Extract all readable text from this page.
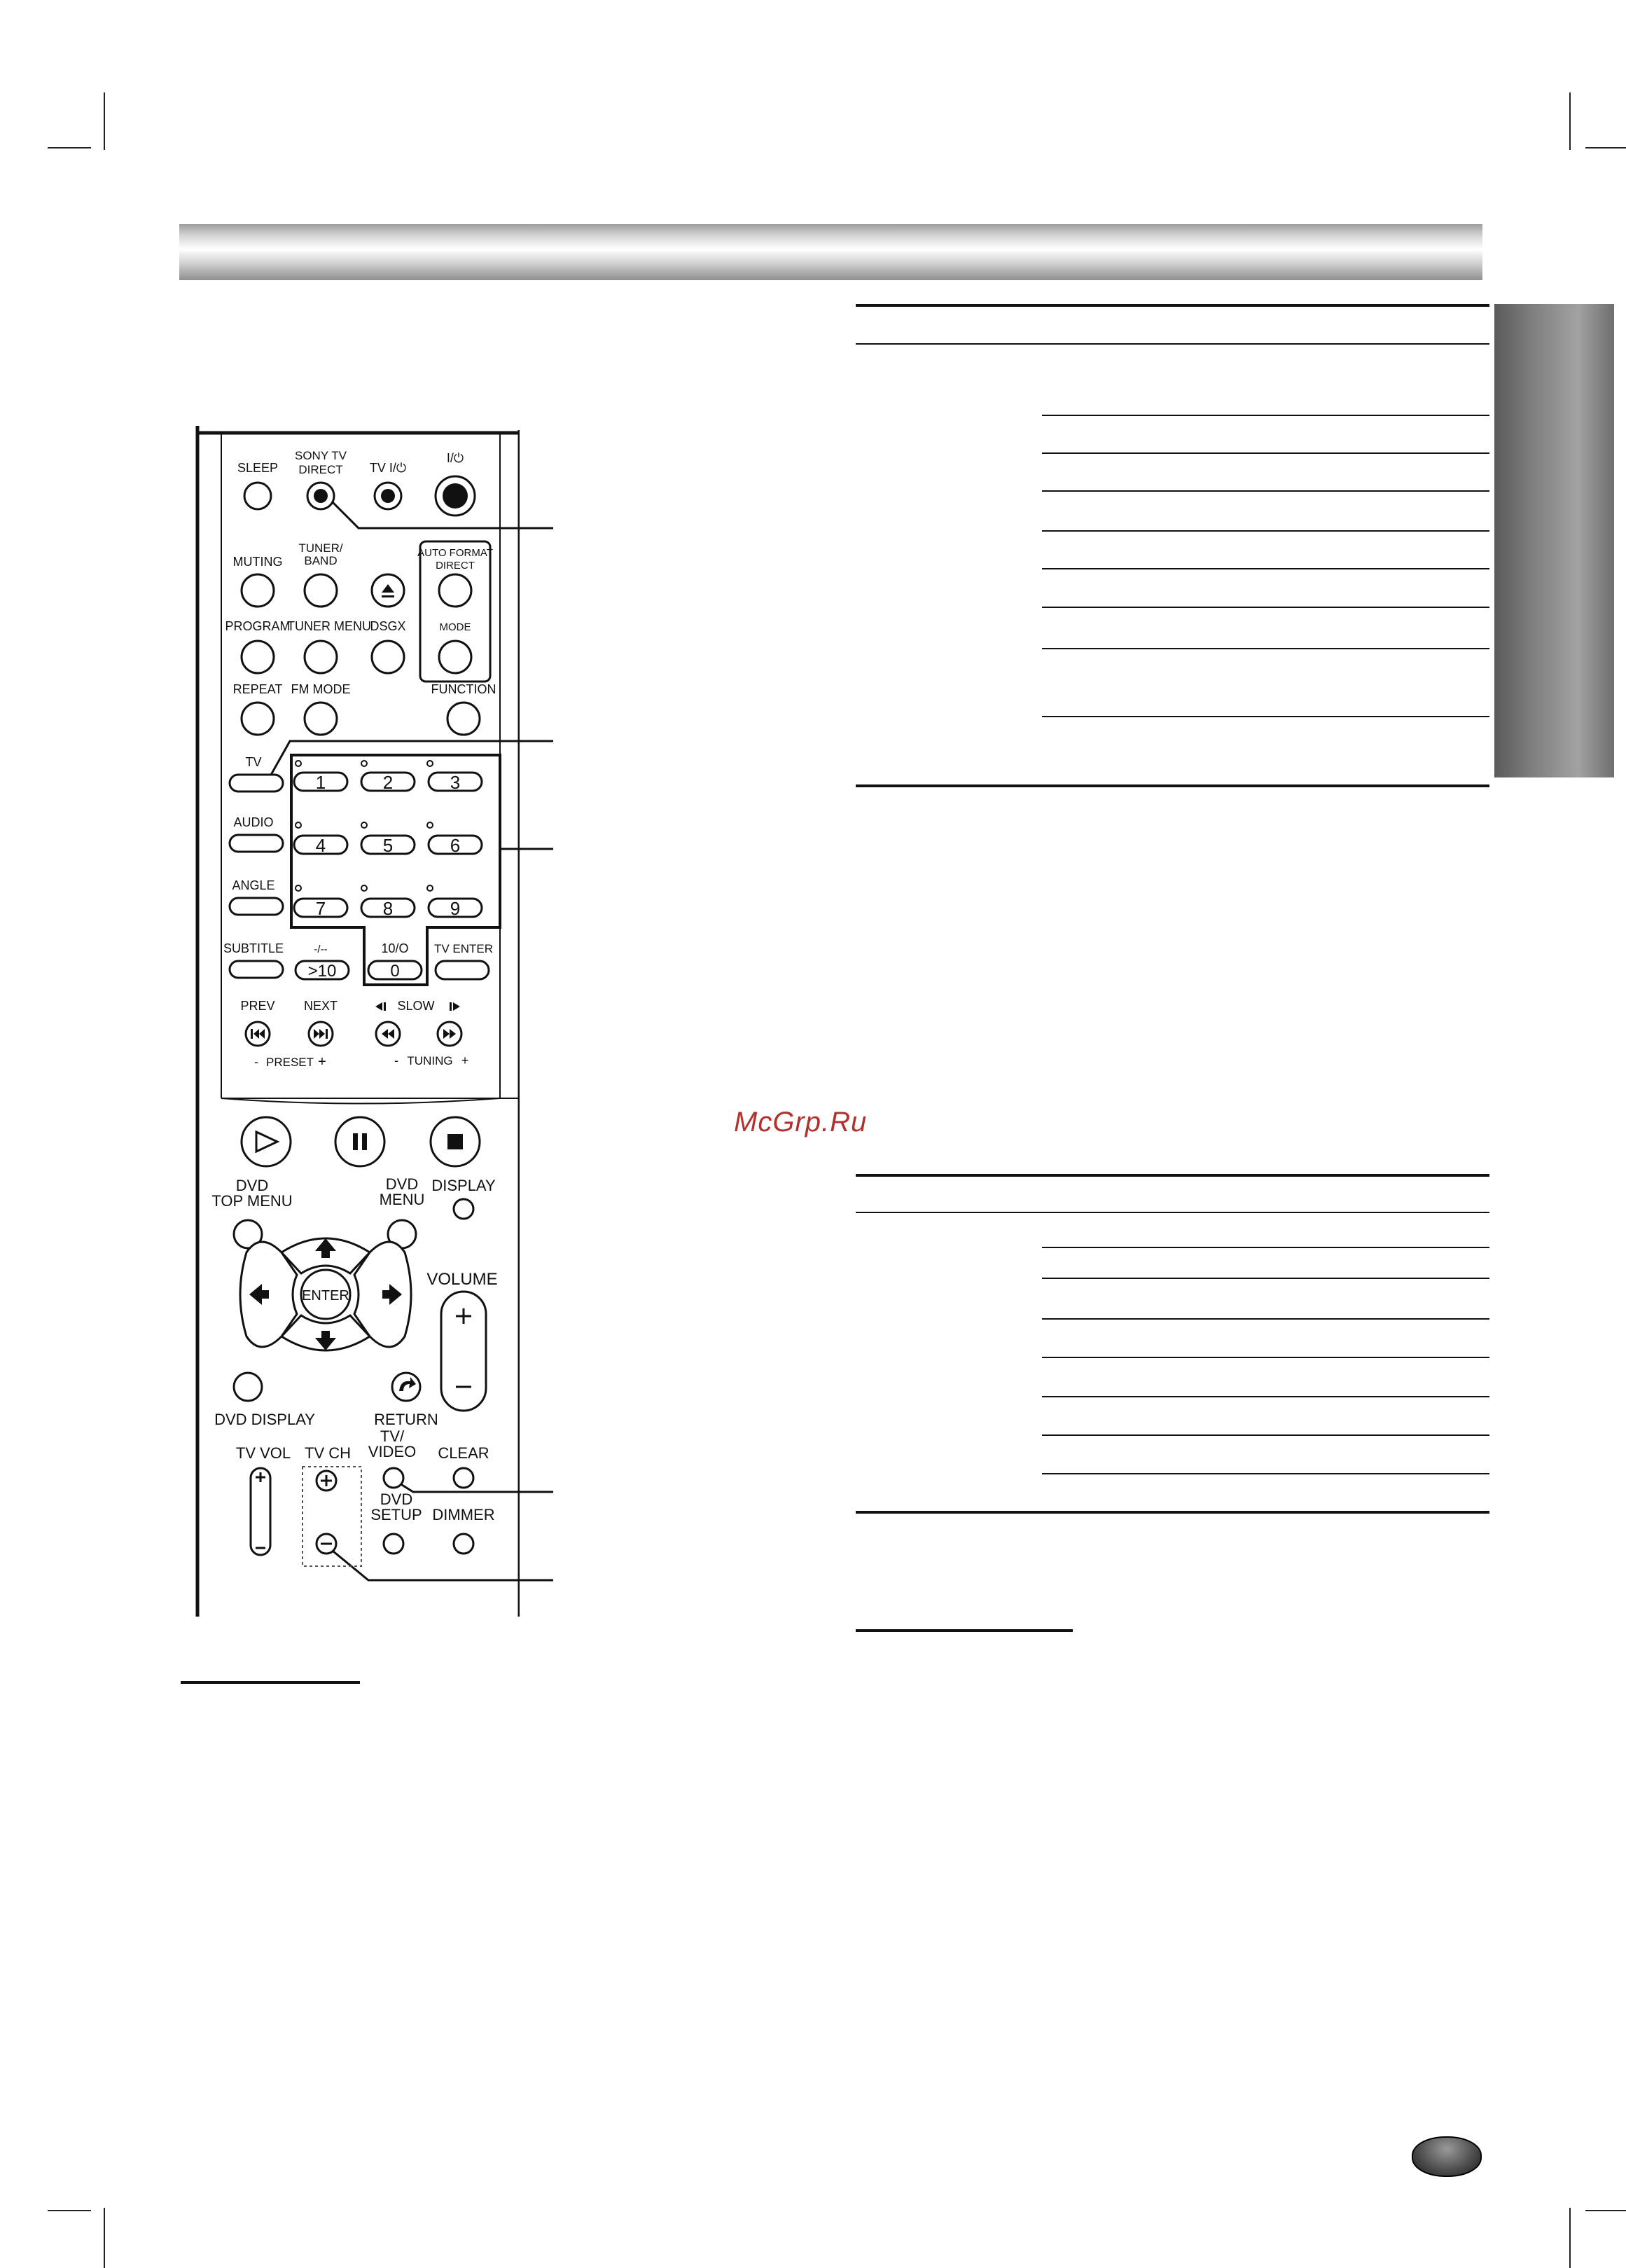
McGrp.Ru
SLEEP
SONY TV
DIRECT TV I/⏻
I/⏻
MUTING
TUNER/
BAND
AUTO FORMAT
DIRECT
PROGRAM
TUNER MENU
DSGX	MODE
REPEAT FM MODE	FUNCTION
TV
AUDIO
ANGLE
SUBTITLE
1	2	3
4	5	6
7	8	9
-/--
>10
10/O
0
TV ENTER
PREV NEXT	SLOW
- PRESET +	- TUNING +
DVD
TOP MENU
DVD
MENU
DISPLAY
ENTER
VOLUME
DVD DISPLAY	RETURN
TV VOL TV CH
TV/
VIDEO CLEAR
DVD
SETUP DIMMER
